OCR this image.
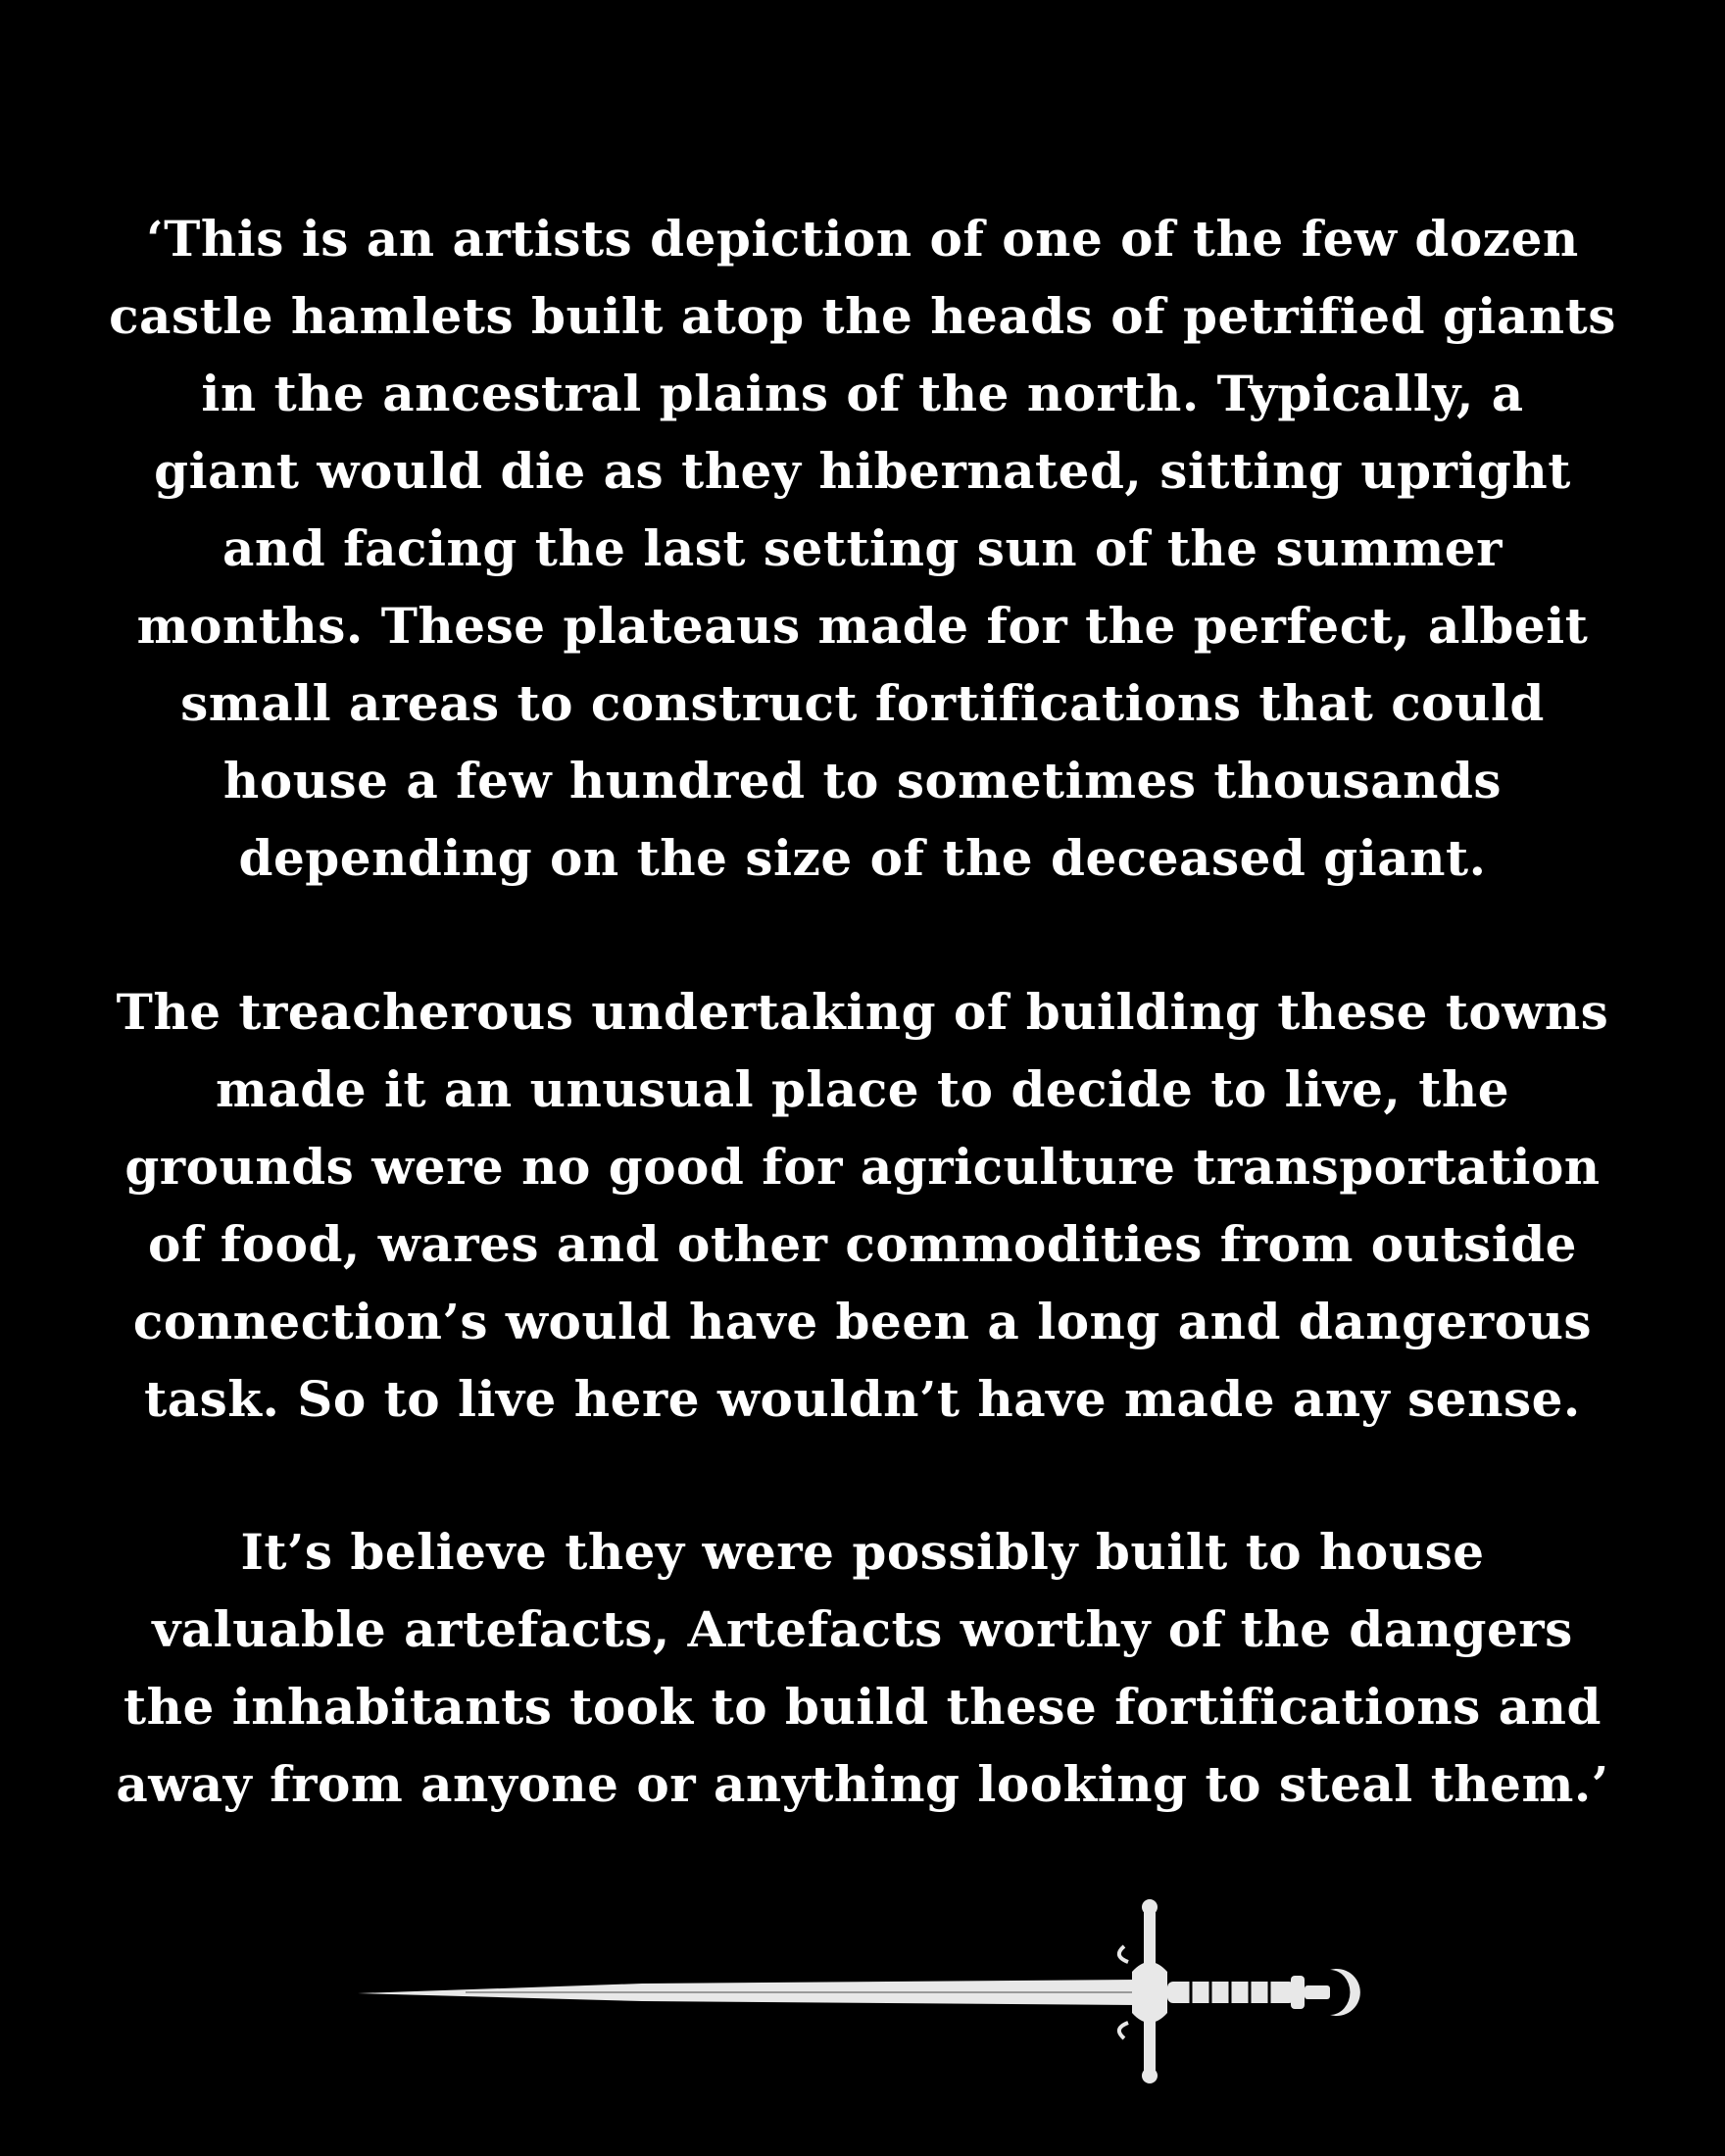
‘This is an artists depiction of one of the few dozen
castle hamlets built atop the heads of petrified giants
in the ancestral plains of the north. Typically, a
giant would die as they hibernated, sitting upright
and facing the last setting sun of the summer
months. These plateaus made for the perfect, albeit
small areas to construct fortifications that could
house a few hundred to sometimes thousands
depending on the size of the deceased giant.
The treacherous undertaking of building these towns
made it an unusual place to decide to live, the
grounds were no good for agriculture transportation
of food, wares and other commodities from outside
connection’s would have been a long and dangerous
task. So to live here wouldn’t have made any sense.
It’s believe they were possibly built to house
valuable artefacts, Artefacts worthy of the dangers
the inhabitants took to build these fortifications and
away from anyone or anything looking to steal them.’
